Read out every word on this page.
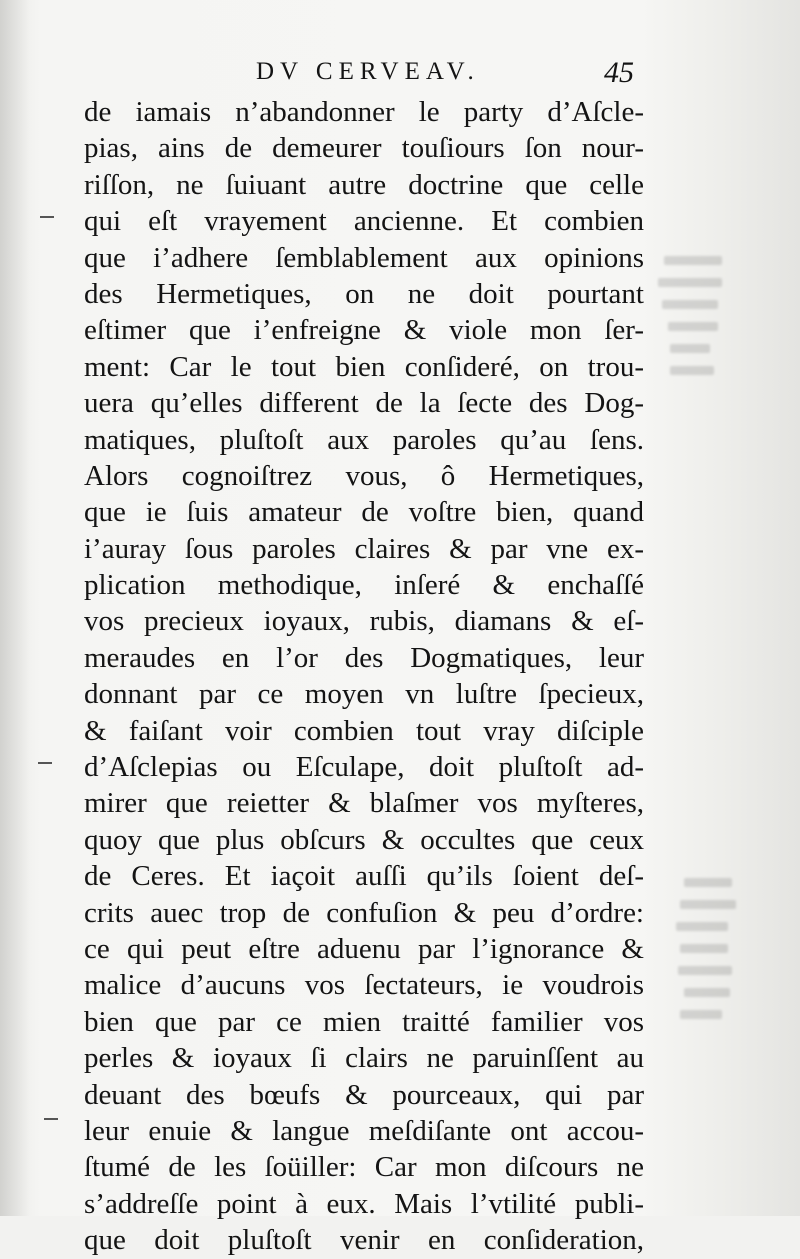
DV CERVEAV.	45
de iamais n’abandonner le party d’Aſcle-
pias, ains de demeurer touſiours ſon nour-
riſſon, ne ſuiuant autre doctrine que celle
qui eſt vrayement ancienne. Et combien
que i’adhere ſemblablement aux opinions
des Hermetiques, on ne doit pourtant
eſtimer que i’enfreigne & viole mon ſer-
ment: Car le tout bien conſideré, on trou-
uera qu’elles different de la ſecte des Dog-
matiques, pluſtoſt aux paroles qu’au ſens.
Alors cognoiſtrez vous, ô Hermetiques,
que ie ſuis amateur de voſtre bien, quand
i’auray ſous paroles claires & par vne ex-
plication methodique, inſeré & enchaſſé
vos precieux ioyaux, rubis, diamans & eſ-
meraudes en l’or des Dogmatiques, leur
donnant par ce moyen vn luſtre ſpecieux,
& faiſant voir combien tout vray diſciple
d’Aſclepias ou Eſculape, doit pluſtoſt ad-
mirer que reietter & blaſmer vos myſteres,
quoy que plus obſcurs & occultes que ceux
de Ceres. Et iaçoit auſſi qu’ils ſoient deſ-
crits auec trop de confuſion & peu d’ordre:
ce qui peut eſtre aduenu par l’ignorance &
malice d’aucuns vos ſectateurs, ie voudrois
bien que par ce mien traitté familier vos
perles & ioyaux ſi clairs ne paruinſſent au
deuant des bœufs & pourceaux, qui par
leur enuie & langue meſdiſante ont accou-
ſtumé de les ſoüiller: Car mon diſcours ne
s’addreſſe point à eux. Mais l’vtilité publi-
que doit pluſtoſt venir en conſideration,
